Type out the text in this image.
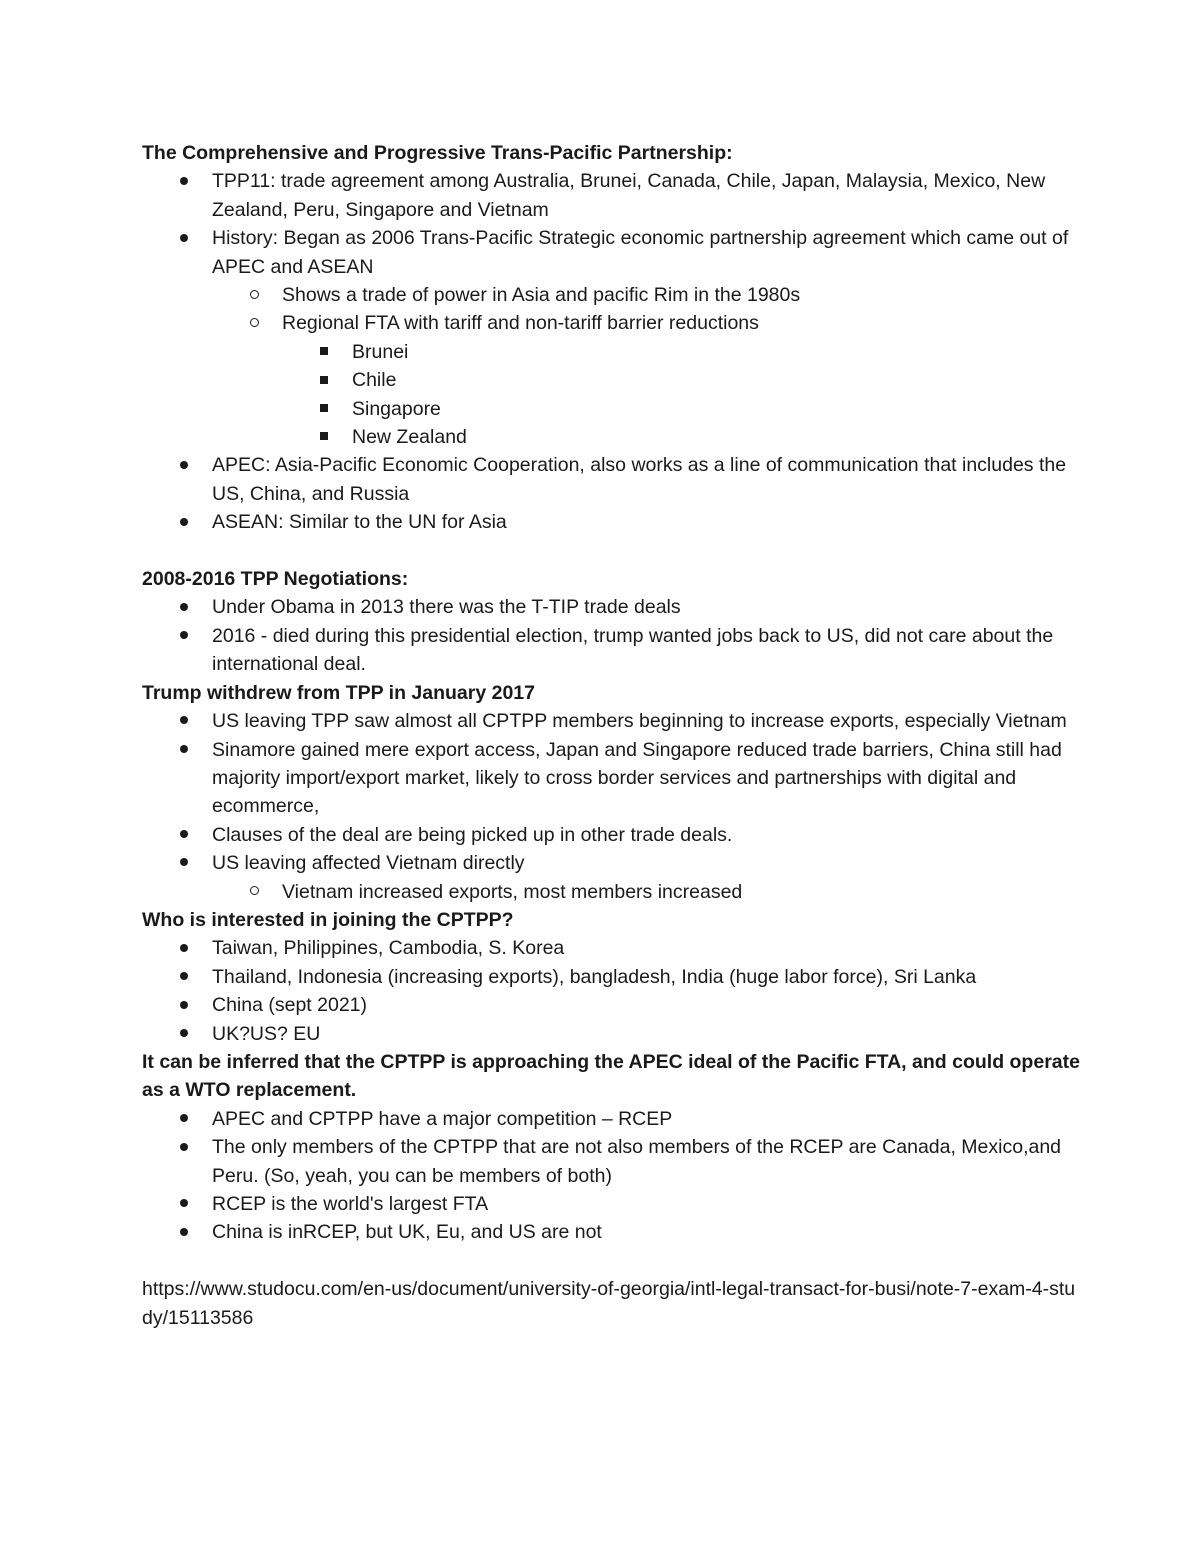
The Comprehensive and Progressive Trans-Pacific Partnership:

TPP11: trade agreement among Australia, Brunei, Canada, Chile, Japan, Malaysia, Mexico, New Zealand, Peru, Singapore and Vietnam
History: Began as 2006 Trans-Pacific Strategic economic partnership agreement which came out of APEC and ASEAN
Shows a trade of power in Asia and pacific Rim in the 1980s
Regional FTA with tariff and non-tariff barrier reductions
Brunei
Chile
Singapore
New Zealand
APEC: Asia-Pacific Economic Cooperation, also works as a line of communication that includes the US, China, and Russia
ASEAN: Similar to the UN for Asia

2008-2016 TPP Negotiations:

Under Obama in 2013 there was the T-TIP trade deals
2016 - died during this presidential election, trump wanted jobs back to US, did not care about the international deal.

Trump withdrew from TPP in January 2017

US leaving TPP saw almost all CPTPP members beginning to increase exports, especially Vietnam
Sinamore gained mere export access, Japan and Singapore reduced trade barriers, China still had majority import/export market, likely to cross border services and partnerships with digital and ecommerce,
Clauses of the deal are being picked up in other trade deals.
US leaving affected Vietnam directly
Vietnam increased exports, most members increased

Who is interested in joining the CPTPP?

Taiwan, Philippines, Cambodia, S. Korea
Thailand, Indonesia (increasing exports), bangladesh, India (huge labor force), Sri Lanka
China (sept 2021)
UK?US? EU

It can be inferred that the CPTPP is approaching the APEC ideal of the Pacific FTA, and could operate as a WTO replacement.

APEC and CPTPP have a major competition – RCEP
The only members of the CPTPP that are not also members of the RCEP are Canada, Mexico,and Peru. (So, yeah, you can be members of both)
RCEP is the world's largest FTA
China is inRCEP, but UK, Eu, and US are not

https://www.studocu.com/en-us/document/university-of-georgia/intl-legal-transact-for-busi/note-7-exam-4-study/15113586
